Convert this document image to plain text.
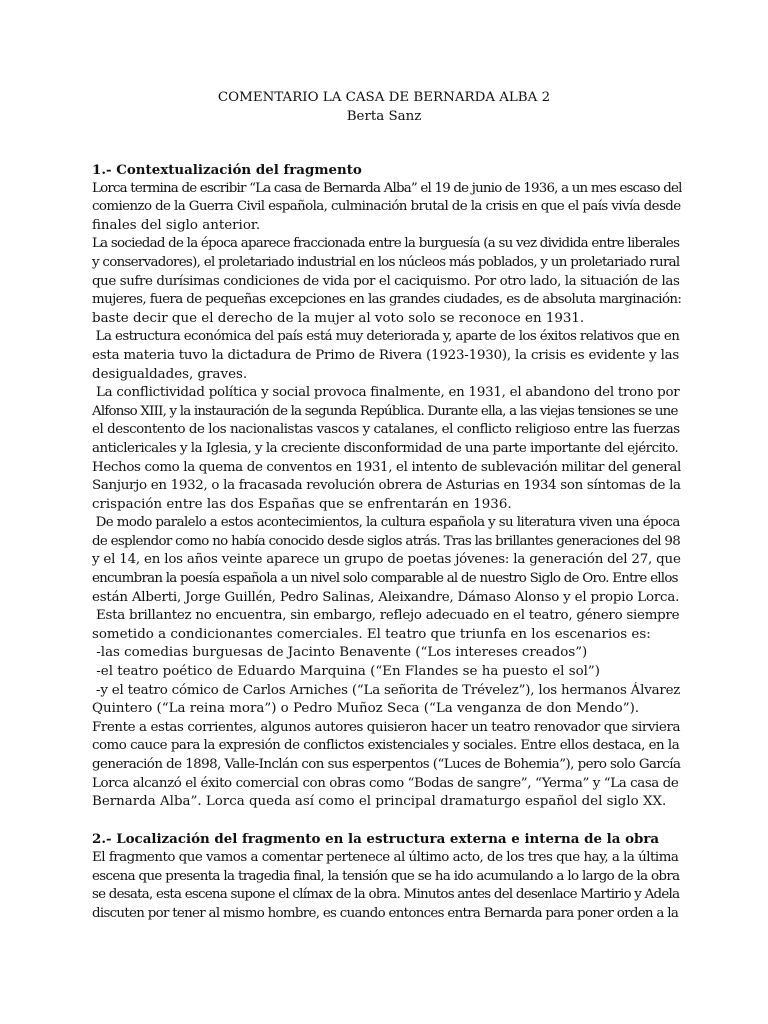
COMENTARIO LA CASA DE BERNARDA ALBA 2
Berta Sanz
1.- Contextualización del fragmento
Lorca termina de escribir “La casa de Bernarda Alba” el 19 de junio de 1936, a un mes escaso del
comienzo de la Guerra Civil española, culminación brutal de la crisis en que el país vivía desde
finales del siglo anterior.
La sociedad de la época aparece fraccionada entre la burguesía (a su vez dividida entre liberales
y conservadores), el proletariado industrial en los núcleos más poblados, y un proletariado rural
que sufre durísimas condiciones de vida por el caciquismo. Por otro lado, la situación de las
mujeres, fuera de pequeñas excepciones en las grandes ciudades, es de absoluta marginación:
baste decir que el derecho de la mujer al voto solo se reconoce en 1931.
La estructura económica del país está muy deteriorada y, aparte de los éxitos relativos que en
esta materia tuvo la dictadura de Primo de Rivera (1923-1930), la crisis es evidente y las
desigualdades, graves.
La conflictividad política y social provoca finalmente, en 1931, el abandono del trono por
Alfonso XIII, y la instauración de la segunda República. Durante ella, a las viejas tensiones se une
el descontento de los nacionalistas vascos y catalanes, el conflicto religioso entre las fuerzas
anticlericales y la Iglesia, y la creciente disconformidad de una parte importante del ejército.
Hechos como la quema de conventos en 1931, el intento de sublevación militar del general
Sanjurjo en 1932, o la fracasada revolución obrera de Asturias en 1934 son síntomas de la
crispación entre las dos Españas que se enfrentarán en 1936.
De modo paralelo a estos acontecimientos, la cultura española y su literatura viven una época
de esplendor como no había conocido desde siglos atrás. Tras las brillantes generaciones del 98
y el 14, en los años veinte aparece un grupo de poetas jóvenes: la generación del 27, que
encumbran la poesía española a un nivel solo comparable al de nuestro Siglo de Oro. Entre ellos
están Alberti, Jorge Guillén, Pedro Salinas, Aleixandre, Dámaso Alonso y el propio Lorca.
Esta brillantez no encuentra, sin embargo, reflejo adecuado en el teatro, género siempre
sometido a condicionantes comerciales. El teatro que triunfa en los escenarios es:
-las comedias burguesas de Jacinto Benavente (“Los intereses creados”)
-el teatro poético de Eduardo Marquina (“En Flandes se ha puesto el sol”)
-y el teatro cómico de Carlos Arniches (“La señorita de Trévelez”), los hermanos Álvarez
Quintero (“La reina mora”) o Pedro Muñoz Seca (“La venganza de don Mendo”).
Frente a estas corrientes, algunos autores quisieron hacer un teatro renovador que sirviera
como cauce para la expresión de conflictos existenciales y sociales. Entre ellos destaca, en la
generación de 1898, Valle-Inclán con sus esperpentos (“Luces de Bohemia”), pero solo García
Lorca alcanzó el éxito comercial con obras como “Bodas de sangre”, “Yerma” y “La casa de
Bernarda Alba”. Lorca queda así como el principal dramaturgo español del siglo XX.
2.- Localización del fragmento en la estructura externa e interna de la obra
El fragmento que vamos a comentar pertenece al último acto, de los tres que hay, a la última
escena que presenta la tragedia final, la tensión que se ha ido acumulando a lo largo de la obra
se desata, esta escena supone el clímax de la obra. Minutos antes del desenlace Martirio y Adela
discuten por tener al mismo hombre, es cuando entonces entra Bernarda para poner orden a la
